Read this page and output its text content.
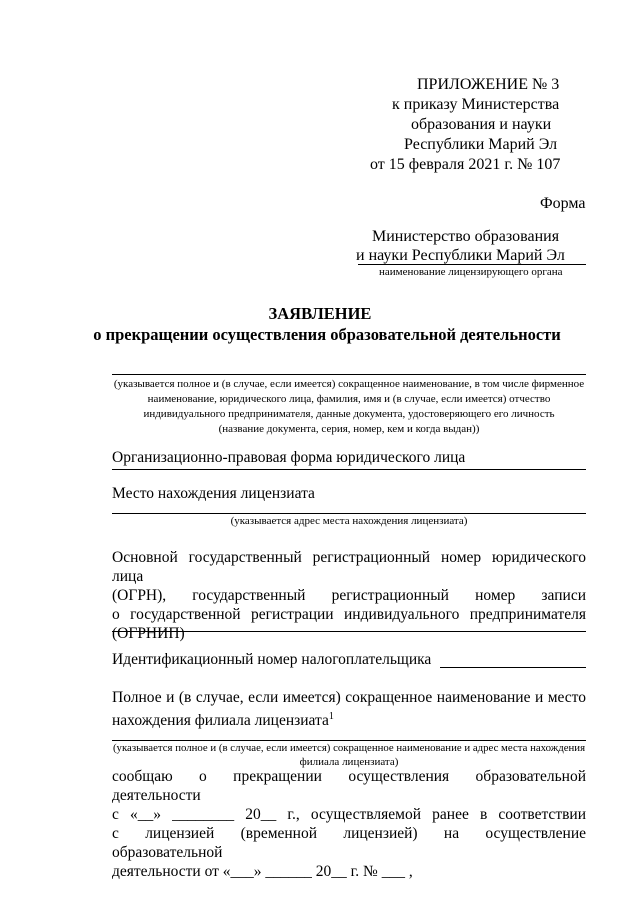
ПРИЛОЖЕНИЕ № 3
к приказу Министерства
образования и науки
Республики Марий Эл
от 15 февраля 2021 г. № 107
Форма
Министерство образования
и науки Республики Марий Эл
наименование лицензирующего органа
ЗАЯВЛЕНИЕ
о прекращении осуществления образовательной деятельности
(указывается полное и (в случае, если имеется) сокращенное наименование, в том числе фирменное
наименование, юридического лица, фамилия, имя и (в случае, если имеется) отчество
индивидуального предпринимателя, данные документа, удостоверяющего его личность
(название документа, серия, номер, кем и когда выдан))
Организационно-правовая форма юридического лица
Место нахождения лицензиата
(указывается адрес места нахождения лицензиата)
Основной государственный регистрационный номер юридического лица
(ОГРН), государственный регистрационный номер записи
о государственной регистрации индивидуального предпринимателя
(ОГРНИП)
Идентификационный номер налогоплательщика
Полное и (в случае, если имеется) сокращенное наименование и место
нахождения филиала лицензиата$^1$
(указывается полное и (в случае, если имеется) сокращенное наименование и адрес места нахождения
филиала лицензиата)
сообщаю о прекращении осуществления образовательной деятельности
с «__» ________ 20__ г., осуществляемой ранее в соответствии
с лицензией (временной лицензией) на осуществление образовательной
деятельности от «___» ______ 20__ г. № ___ ,
